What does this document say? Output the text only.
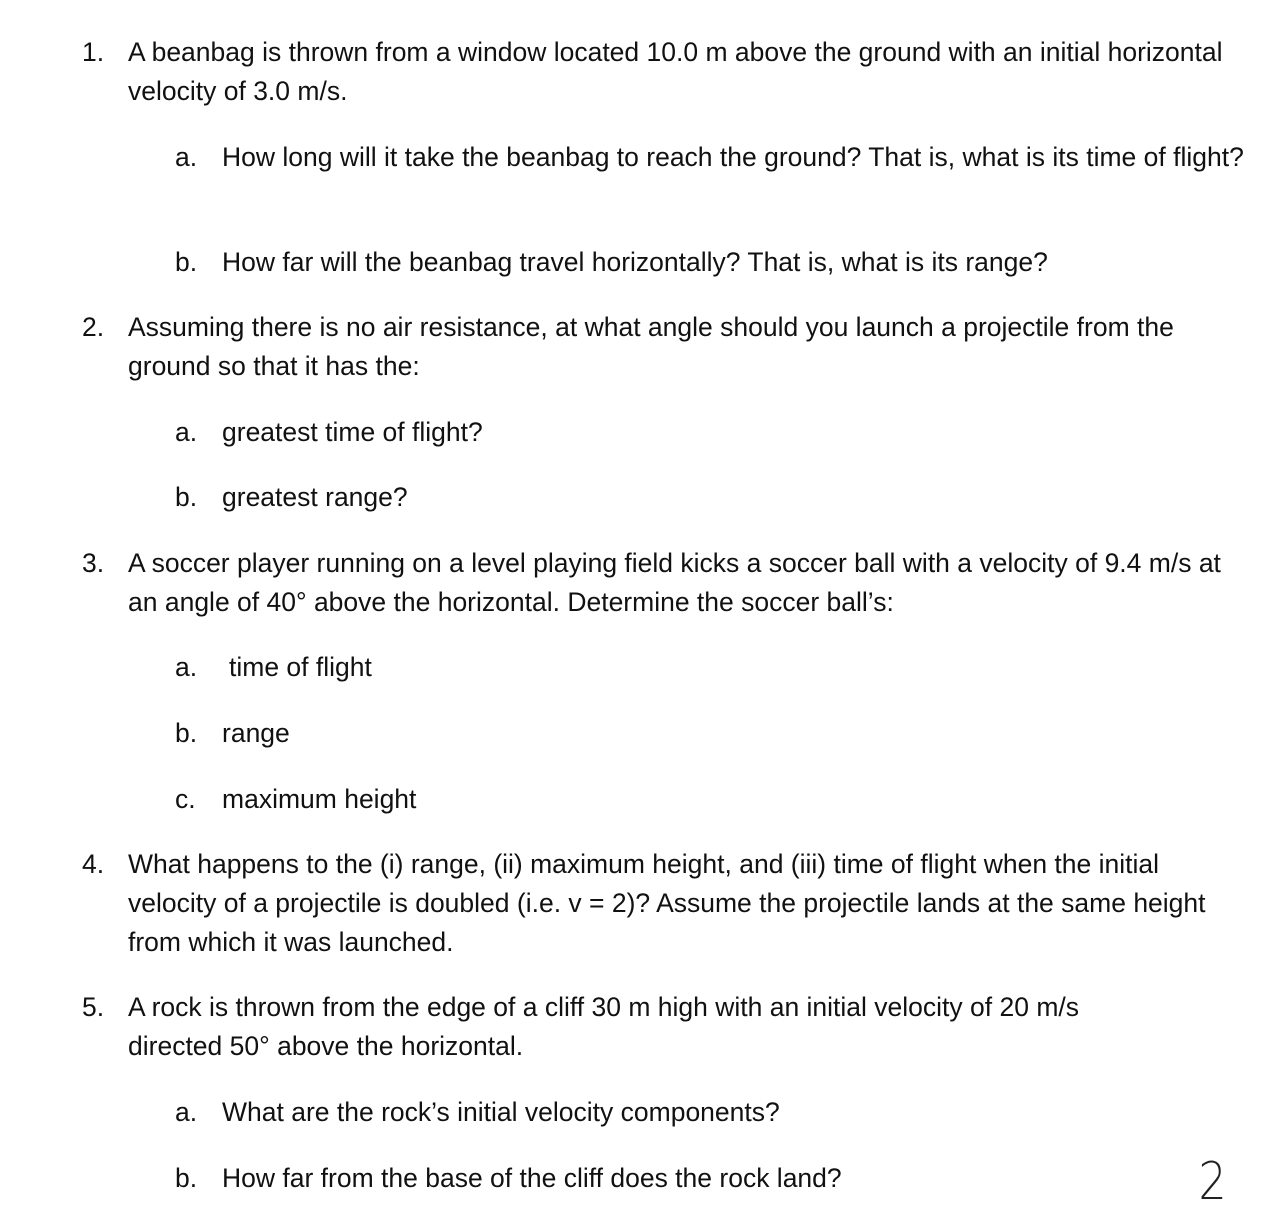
1. A beanbag is thrown from a window located 10.0 m above the ground with an initial horizontal velocity of 3.0 m/s.
a. How long will it take the beanbag to reach the ground? That is, what is its time of flight?
b. How far will the beanbag travel horizontally? That is, what is its range?
2. Assuming there is no air resistance, at what angle should you launch a projectile from the ground so that it has the:
a. greatest time of flight?
b. greatest range?
3. A soccer player running on a level playing field kicks a soccer ball with a velocity of 9.4 m/s at an angle of 40° above the horizontal. Determine the soccer ball’s:
a. time of flight
b. range
c. maximum height
4. What happens to the (i) range, (ii) maximum height, and (iii) time of flight when the initial velocity of a projectile is doubled (i.e. v = 2)? Assume the projectile lands at the same height from which it was launched.
5. A rock is thrown from the edge of a cliff 30 m high with an initial velocity of 20 m/s directed 50° above the horizontal.
a. What are the rock’s initial velocity components?
b. How far from the base of the cliff does the rock land?	2
